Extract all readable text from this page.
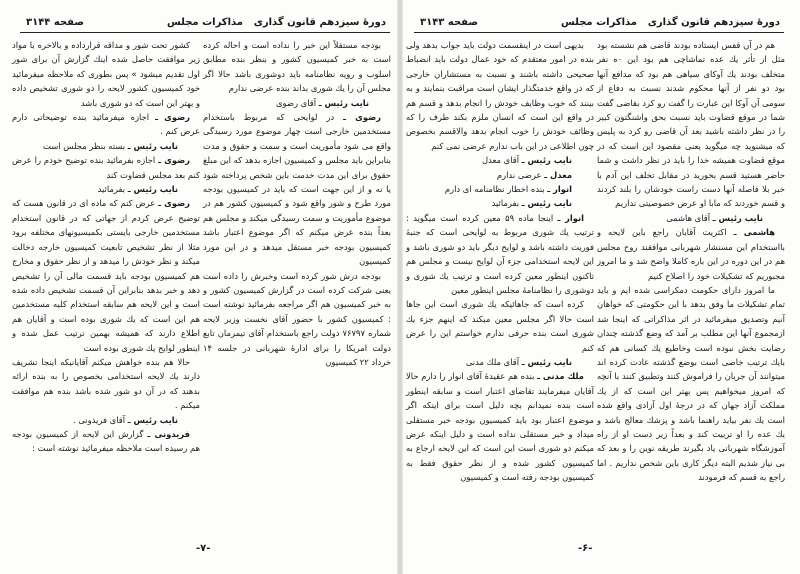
دورهٔ سیزدهم قانون گذاری
مذاکرات مجلس
صفحه ۳۱۴۴

بودجه مستقلاً این خبر را نداده است و احاله کرده است به خبر کمیسیون کشور و بنظر بنده مطابق اسلوب و رویه نظامنامه باید دوشوری باشد حالا اگر مجلس آن را یك شوری بداند بنده عرضی ندارم

نایب رئیس ـ آقای رضوی

رضوی ـ در لوایحی که مربوط باستخدام مستخدمین خارجی است چهار موضوع مورد رسیدگی واقع می شود مأموریت است و سمت و حقوق و مدت بنابراین باید مجلس و کمیسیون اجازه بدهد که این مبلغ حقوق برای این مدت خدمت باین شخص پرداخته شود یا نه و از این جهت است که باید در کمیسیون بودجه مورد طرح و شور واقع شود و کمیسیون کشور هم در موضوع مأموریت و سمت رسیدگی میکند و مجلس هم بعداً بنده عرض میکنم که اگر موضوع اعتبار باشد کمیسیون بودجه خبر مستقل میدهد و در این مورد کمیسیون

بودجه درش شور کرده است وخبرش را داده است یعنی شرکت کرده است در گزارش کمیسیون کشور و به خبر کمیسیون هم اگر مراجعه بفرمائید نوشته است : کمیسیون کشور با حضور آقای نخست وزیر لایحه شماره ۷۶۷۹۷ دولت راجع باستخدام آقای تیمرمان تابع دولت امریکا را برای ادارهٔ شهربانی در جلسه ۱۴ خرداد ۲۲ کمیسیون

کشور تحت شور و مداقه قرارداده و بالاخره با مواد زیر موافقت حاصل شده اینك گزارش آن برای شور اول تقدیم میشود » پس بطوری که ملاحظه میفرمائید خود کمیسیون کشور لایحه را دو شوری تشخیص داده و بهتر این است که دو شوری باشد

رضوی ـ اجازه میفرمائید بنده توضیحاتی دارم عرض کنم .

نایب رئیس ـ بسته بنظر مجلس است

رضوی ـ اجازه بفرمائید بنده توضیح خودم را عرض کنم بعد مجلس قضاوت کند

نایب رئیس ـ بفرمائید

رضوی ـ عرض کنم که ماده ای در قانون هست که توضیح عرض کردم از جهاتی که در قانون استخدام مستخدمین خارجی بایستی بکمیسیونهای مختلفه برود مثلا از نظر تشخیص تابعیت کمیسیون خارجه دخالت میکند و نظر خودش را میدهد و از نظر حقوق و مخارج هم کمیسیون بودجه باید قسمت مالی آن را تشخیص دهد و خبر بدهد بنابراین آن قسمت تشخیص داده شده است و این لایحه هم سابقه استخدام کلیه مستخدمین هم این است که یك شوری بوده است و آقایان هم اطلاع دارند که همیشه بهمین ترتیب عمل شده و اینطور لوایح یك شوری بوده است

حالا هم بنده خواهش میکنم آقایانیکه اینجا تشریف دارند یك لایحه استخدامی بخصوص را به بنده ارائه بدهند که در آن دو شور شده باشد بنده هم موافقت میکنم .

نایب رئیس ـ آقای فریدونی .

فریدونی ـ گزارش این لایحه از کمیسیون بودجه هم رسیده است ملاحظه میفرمائید نوشته است :

-۷-
دورهٔ سیزدهم قانون گذاری
مذاکرات مجلس
صفحه ۳۱۴۳

هم در آن قفس ایستاده بودند قاضی هم نشسته بود مثل از تأثر یك عده تماشاچی هم بود این ۰ه نفر متخلف بودند یك آوکای سیاهی هم بود که مدافع آنها بود دو نفر از آنها محکوم شدند نسبت به دفاع از سومی آن آوکا این عبارت را گفت رو کرد بقاضی گفت شما در موقع قضاوت باید نسبت بحق واشنگتون کبیر را در نظر داشته باشید بعد آن قاضی رو کرد به پلیس که میشنوید چه میگوید یعنی مقصود این است که در موقع قضاوت همیشه خدا را باید در نظر داشت و شما حاضر هستید قسم بخورید در مقابل تخلف این آدم با خبر بلا فاصله آنها دست راست خودشان را بلند کردند و قسم خوردند که مابا او عرض خصوصیتی نداریم

نایب رئیس ـ آقای هاشمی

هاشمی ـ اکثریت آقایان راجع باین لایحه و بااستخدام این مستشار شهربانی موافقند روح مجلس هم در این دوره در این باره کاملا واضح شد و ما امروز مجبوریم که تشکیلات خود را اصلاح کنیم

ما امروز دارای حکومت دمکراسی شده ایم و باید تمام تشکیلات ما وفق بدهد با این حکومتی که خواهان آنیم وتصدیق میفرمائید در اثر مذاکراتی که اینجا شد ازمجموع آنها این مطلب بر آمد که وضع گذشته چندان رضایت بخش نبوده است وخاطیع یك کسانی هم که بایك ترتیب خاصی است بوضع گذشته عادت کرده اند میتوانند آن جریان را فراموش کنند وتطبیق کنند با آنچه که امروز میخواهیم پس بهتر این است که از یك مملکت آزاد جهان که در درجهٔ اول آزادی واقع شده است یك نفر بیاید راهنما باشد و پزشك معالج باشد و یك عده را او تربیت کند و بعداً زیر دست او از راه آموزشگاه شهربانی یاد بگیرند طریقه نوین را و بعد که بی نیاز شدیم البته دیگر کاری باین شخص نداریم . اما راجع به قسم که فرمودند

بدیهی است در اینقسمت دولت باید جواب بدهد ولی بنده در امور معتقدم که خود عمال دولت باید انضباط صحیحی داشته باشند و نسبت به مستشاران خارجی که در واقع خدمتگذار ایشان است مراقبت بنمایند و به بینند که خوب وظایف خودش را انجام بدهد و قسم هم در واقع این است که انسان ملزم بکند طرف را که وظائف خودش را خوب انجام بدهد والاقسم بخصوص چون اطلاعی در این باب ندارم عرضی نمی کنم

نایب رئیس ـ آقای معدل

معدل ـ عرضی ندارم

انوار ـ بنده اخطار نظامنامه ای دارم

نایب رئیس ـ بفرمائید

انوار ـ اینجا ماده ۵۹ معین کرده است میگوید : ترتیب یك شوری مربوط به لوایحی است که جنبهٔ فوریت داشته باشد و لوایح دیگر باید دو شوری باشد و این لایحه استخدامی جزء آن لوایح نیست و مجلس هم تاکنون اینطور معین کرده است و ترتیب یك شوری و دوشوری را نظامنامهٔ مجلس اینطور معین

کرده است که جاهائیکه یك شوری است این جاها است حالا اگر مجلس معین میکند که اینهم جزء یك شوری است بنده حرفی ندارم خواستم این را عرض کنم

نایب رئیس ـ آقای ملك مدنی

ملك مدنی ـ بنده هم عقیدهٔ آقای انوار را دارم حالا آقایان میفرمایند تقاضای اعتبار است و سابقه اینطور است بنده نمیدانم بچه دلیل است برای اینکه اگر موضوع اعتبار بود باید کمیسیون بودجه خبر مستقلی میداد و خبر مستقلی نداده است و دلیل اینکه عرض میکنم دو شوری است این است که این لایحه ارجاع به کمیسیون کشور شده و از نظر حقوق فقط به کمیسیون بودجه رفته است و کمیسیون

-۶-
